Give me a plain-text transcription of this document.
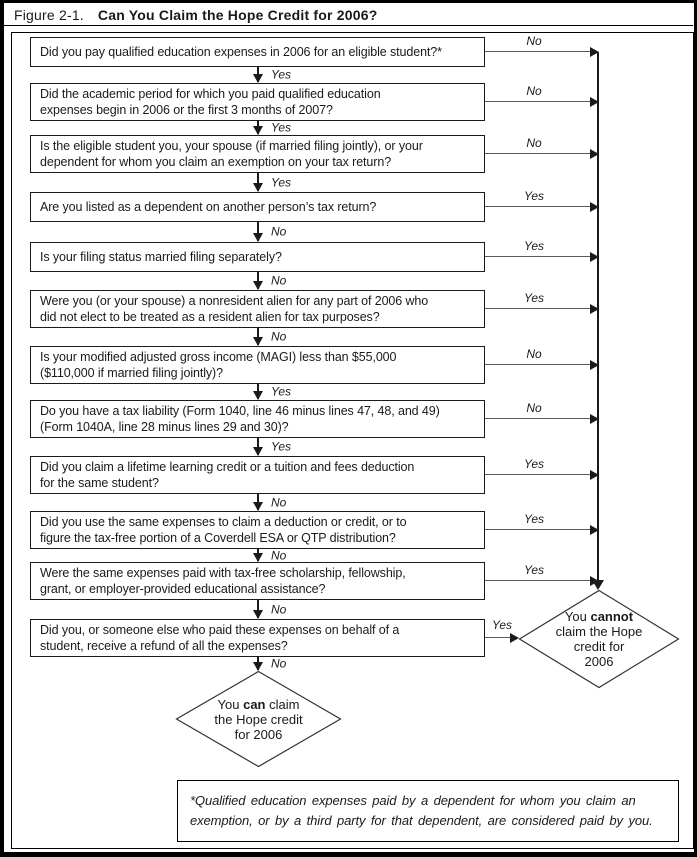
Figure 2-1. Can You Claim the Hope Credit for 2006?
Did you pay qualified education expenses in 2006 for an eligible student?*
Did the academic period for which you paid qualified education
expenses begin in 2006 or the first 3 months of 2007?
Is the eligible student you, your spouse (if married filing jointly), or your
dependent for whom you claim an exemption on your tax return?
Are you listed as a dependent on another person’s tax return?
Is your filing status married filing separately?
Were you (or your spouse) a nonresident alien for any part of 2006 who
did not elect to be treated as a resident alien for tax purposes?
Is your modified adjusted gross income (MAGI) less than $55,000
($110,000 if married filing jointly)?
Do you have a tax liability (Form 1040, line 46 minus lines 47, 48, and 49)
(Form 1040A, line 28 minus lines 29 and 30)?
Did you claim a lifetime learning credit or a tuition and fees deduction
for the same student?
Did you use the same expenses to claim a deduction or credit, or to
figure the tax-free portion of a Coverdell ESA or QTP distribution?
Were the same expenses paid with tax-free scholarship, fellowship,
grant, or employer-provided educational assistance?
Did you, or someone else who paid these expenses on behalf of a
student, receive a refund of all the expenses?
Yes
Yes
Yes
No
No
No
Yes
Yes
No
No
No
No
No
No
No
Yes
Yes
Yes
No
No
Yes
Yes
Yes
Yes
You cannot
claim the Hope
credit for
2006
You can claim
the Hope credit
for 2006
*Qualified education expenses paid by a dependent for whom you claim an
exemption, or by a third party for that dependent, are considered paid by you.
